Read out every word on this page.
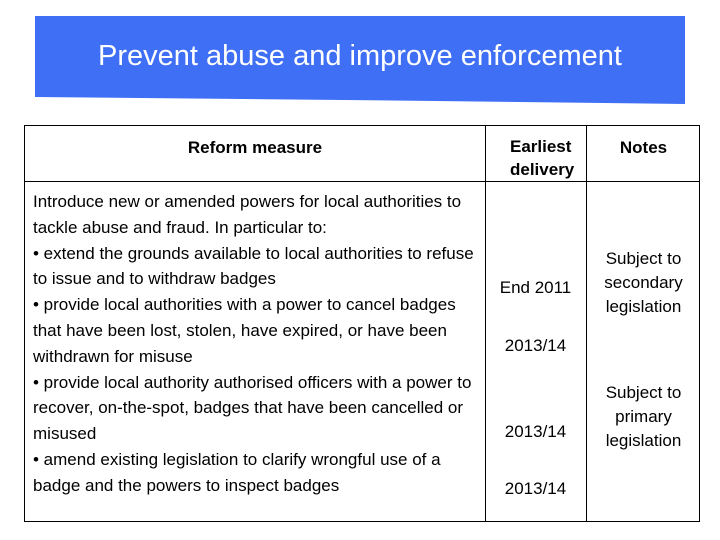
Prevent abuse and improve enforcement
Reform measure	Earliest delivery
Notes

Introduce new or amended powers for local authorities to tackle abuse and fraud. In particular to:

• extend the grounds available to local authorities to refuse to issue and to withdraw badges

• provide local authorities with a power to cancel badges that have been lost, stolen, have expired, or have been withdrawn for misuse

• provide local authority authorised officers with a power to recover, on-the-spot, badges that have been cancelled or misused

• amend existing legislation to clarify wrongful use of a badge and the powers to inspect badges

End 2011
2013/14
2013/14
2013/14
Subject to secondary legislation
Subject to primary legislation
